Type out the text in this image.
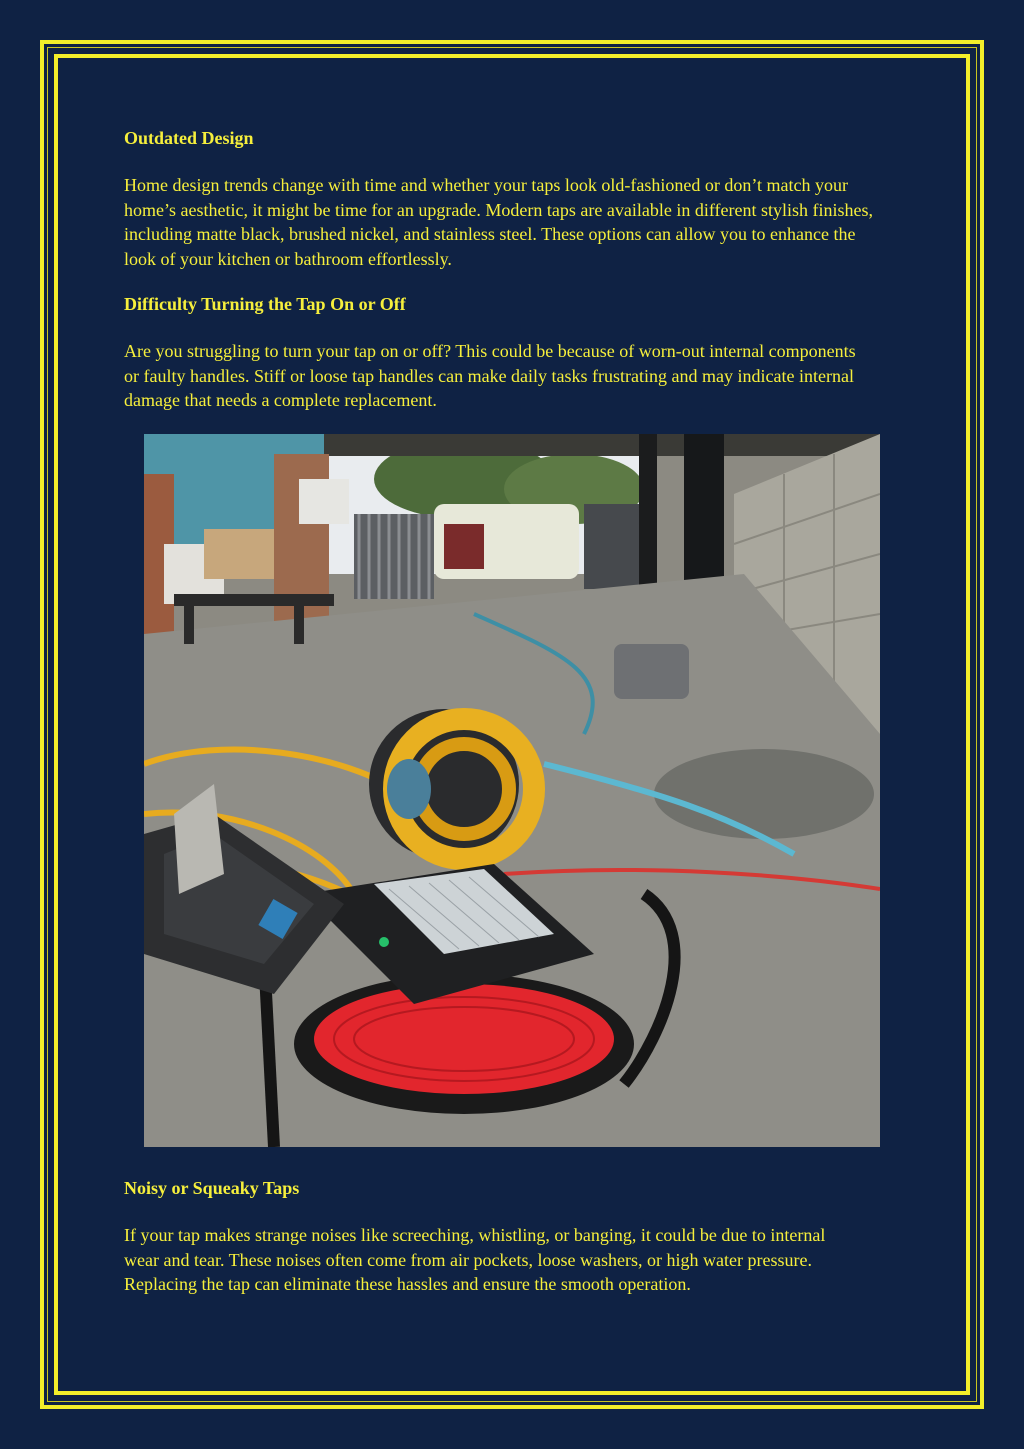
Outdated Design

Home design trends change with time and whether your taps look old-fashioned or don’t match your home’s aesthetic, it might be time for an upgrade. Modern taps are available in different stylish finishes, including matte black, brushed nickel, and stainless steel. These options can allow you to enhance the look of your kitchen or bathroom effortlessly.

Difficulty Turning the Tap On or Off

Are you struggling to turn your tap on or off? This could be because of worn-out internal components or faulty handles. Stiff or loose tap handles can make daily tasks frustrating and may indicate internal damage that needs a complete replacement.

Noisy or Squeaky Taps

If your tap makes strange noises like screeching, whistling, or banging, it could be due to internal wear and tear. These noises often come from air pockets, loose washers, or high water pressure. Replacing the tap can eliminate these hassles and ensure the smooth operation.
